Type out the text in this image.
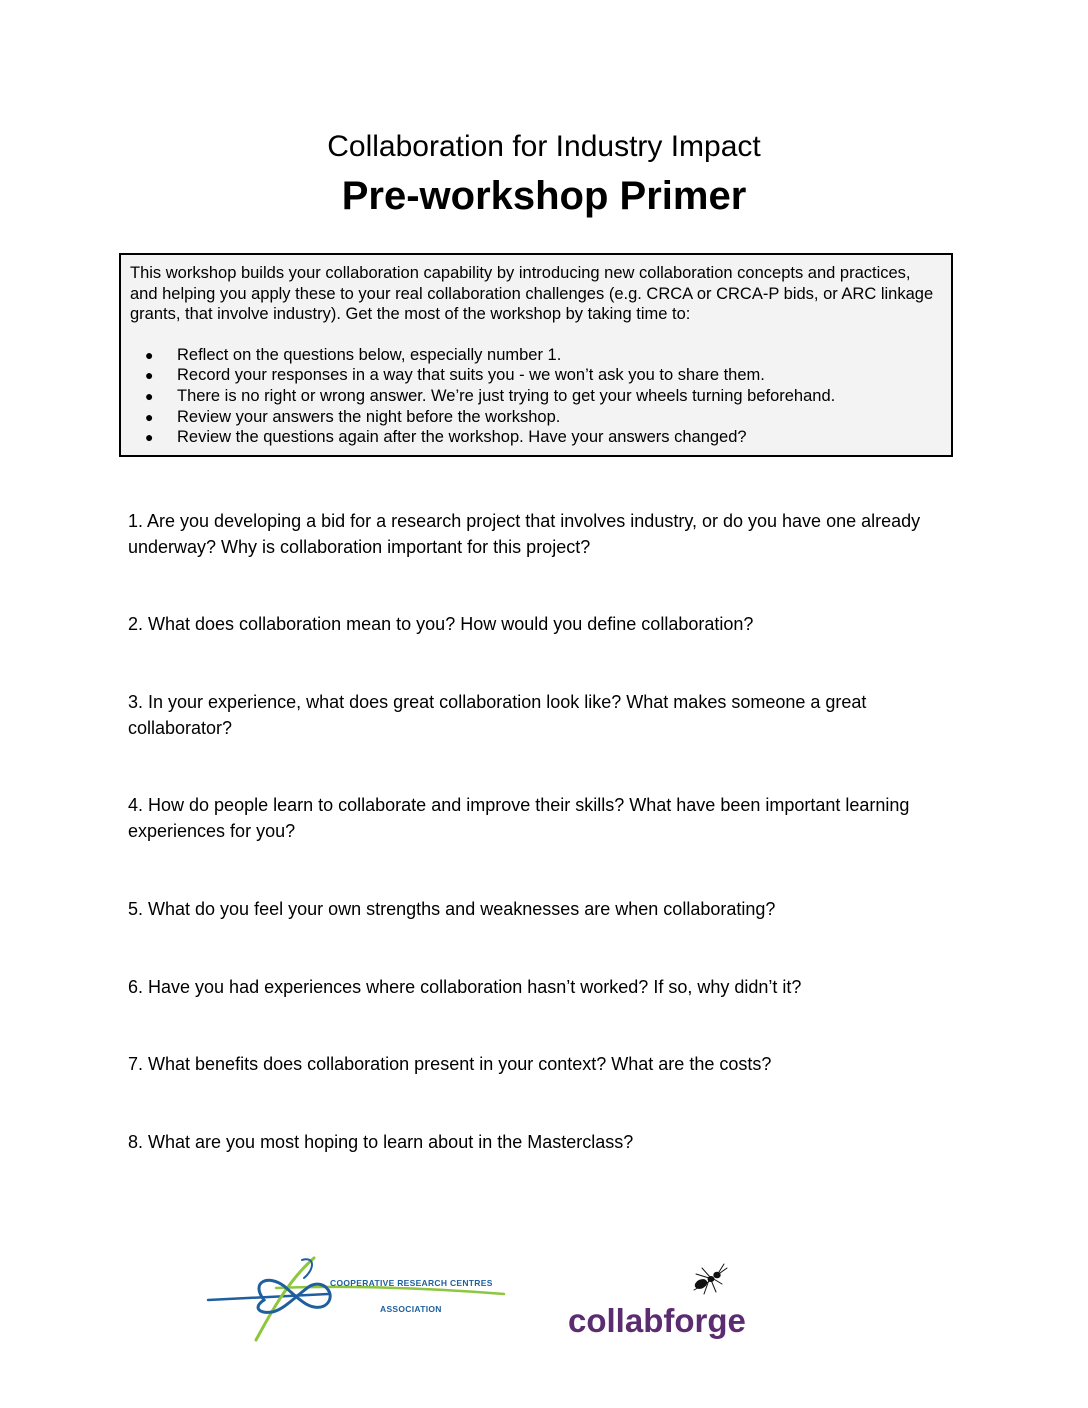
Collaboration for Industry Impact
Pre-workshop Primer

This workshop builds your collaboration capability by introducing new collaboration concepts and practices, and helping you apply these to your real collaboration challenges (e.g. CRCA or CRCA-P bids, or ARC linkage grants, that involve industry). Get the most of the workshop by taking time to:

● Reflect on the questions below, especially number 1.
● Record your responses in a way that suits you - we won’t ask you to share them.
● There is no right or wrong answer. We’re just trying to get your wheels turning beforehand.
● Review your answers the night before the workshop.
● Review the questions again after the workshop. Have your answers changed?
1. Are you developing a bid for a research project that involves industry, or do you have one already underway? Why is collaboration important for this project?
2. What does collaboration mean to you? How would you define collaboration?
3. In your experience, what does great collaboration look like? What makes someone a great collaborator?
4. How do people learn to collaborate and improve their skills? What have been important learning experiences for you?
5. What do you feel your own strengths and weaknesses are when collaborating?
6. Have you had experiences where collaboration hasn’t worked? If so, why didn’t it?
7. What benefits does collaboration present in your context? What are the costs?
8. What are you most hoping to learn about in the Masterclass?
COOPERATIVE RESEARCH CENTRES
ASSOCIATION	collabforge
